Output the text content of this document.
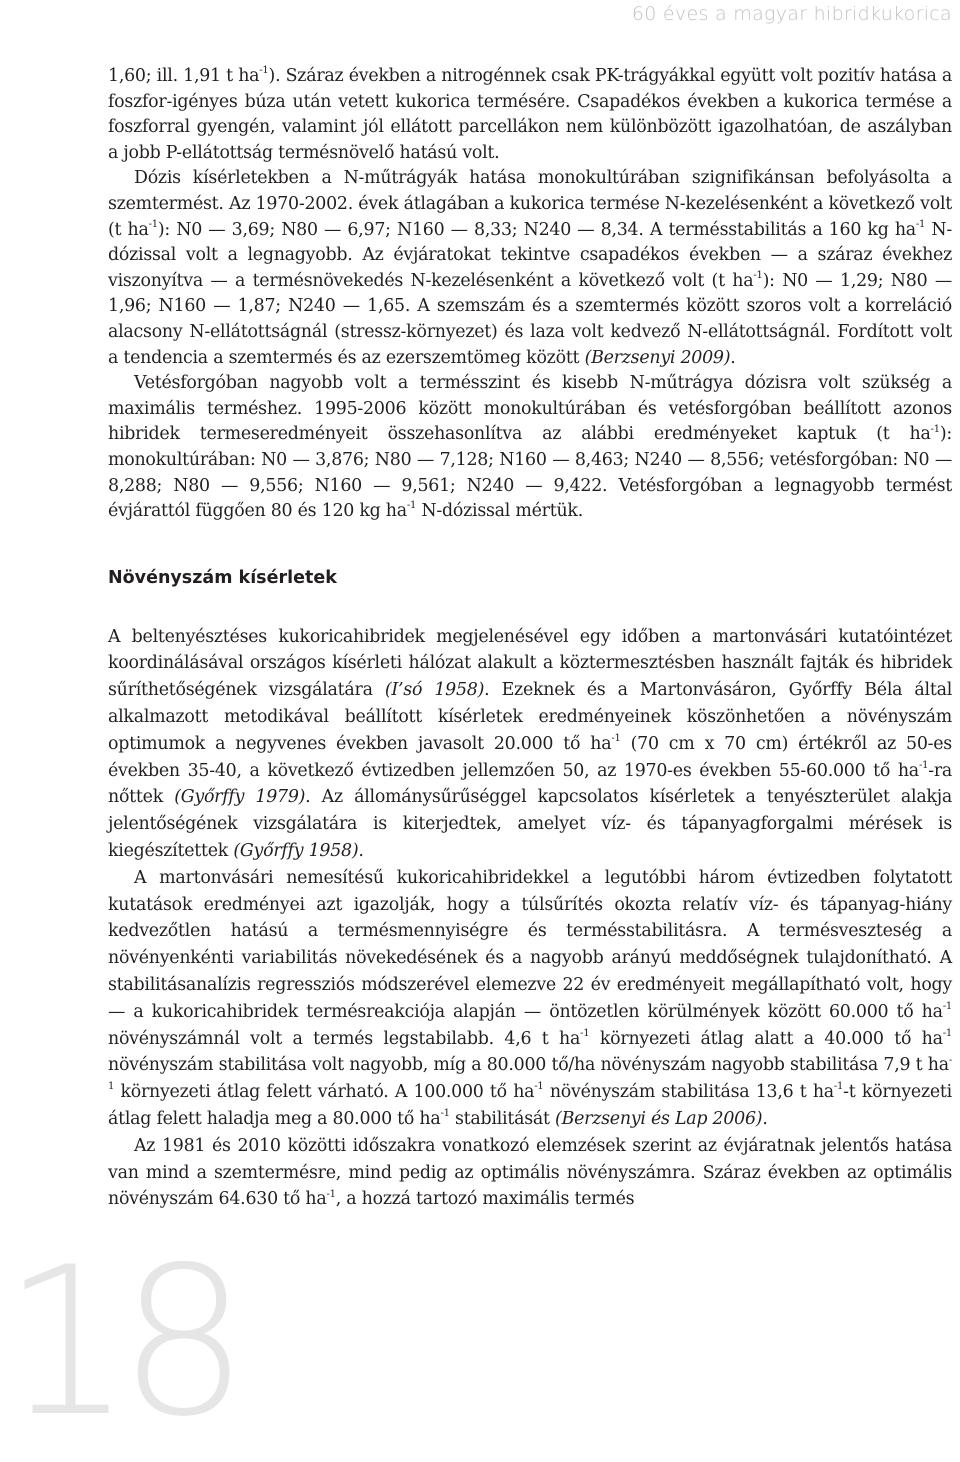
60 éves a magyar hibridkukorica
18

1,60; ill. 1,91 t $ha^{-1}$). Száraz években a nitrogénnek csak PK-trágyákkal együtt volt pozitív hatása a foszfor-igényes búza után vetett kukorica termésére. Csapadékos években a kukorica termése a foszforral gyengén, valamint jól ellátott parcellákon nem különbözött igazolhatóan, de aszályban a jobb P-ellátottság termésnövelő hatású volt.

Dózis kísérletekben a N-műtrágyák hatása monokultúrában szignifikánsan befolyásolta a szemtermést. Az 1970-2002. évek átlagában a kukorica termése N-kezelésenként a következő volt (t $ha^{-1}$): N0 — 3,69; N80 — 6,97; N160 — 8,33; N240 — 8,34. A termésstabilitás a 160 kg $ha^{-1}$ N-dózissal volt a legnagyobb. Az évjáratokat tekintve csapadékos években — a száraz évekhez viszonyítva — a termésnövekedés N-kezelésenként a következő volt (t $ha^{-1}$): N0 — 1,29; N80 — 1,96; N160 — 1,87; N240 — 1,65. A szemszám és a szemtermés között szoros volt a korreláció alacsony N-ellátottságnál (stressz-környezet) és laza volt kedvező N-ellátottságnál. Fordított volt a tendencia a szemtermés és az ezerszemtömeg között (Berzsenyi 2009).

Vetésforgóban nagyobb volt a termésszint és kisebb N-műtrágya dózisra volt szükség a maximális terméshez. 1995-2006 között monokultúrában és vetésforgóban beállított azonos hibridek termeseredményeit összehasonlítva az alábbi eredményeket kaptuk (t $ha^{-1}$): monokultúrában: N0 — 3,876; N80 — 7,128; N160 — 8,463; N240 — 8,556; vetésforgóban: N0 — 8,288; N80 — 9,556; N160 — 9,561; N240 — 9,422. Vetésforgóban a legnagyobb termést évjárattól függően 80 és 120 kg $ha^{-1}$ N-dózissal mértük.

Növényszám kísérletek

A beltenyésztéses kukoricahibridek megjelenésével egy időben a martonvásári kutatóintézet koordinálásával országos kísérleti hálózat alakult a köztermesztésben használt fajták és hibridek sűríthetőségének vizsgálatára (I’só 1958). Ezeknek és a Martonvásáron, Győrffy Béla által alkalmazott metodikával beállított kísérletek eredményeinek köszönhetően a növényszám optimumok a negyvenes években javasolt 20.000 tő $ha^{-1}$ (70 cm x 70 cm) értékről az 50-es években 35-40, a következő évtizedben jellemzően 50, az 1970-es években 55-60.000 tő $ha^{-1}-ra$ nőttek (Győrffy 1979). Az állománysűrűséggel kapcsolatos kísérletek a tenyészterület alakja jelentőségének vizsgálatára is kiterjedtek, amelyet víz- és tápanyagforgalmi mérések is kiegészítettek (Győrffy 1958).

A martonvásári nemesítésű kukoricahibridekkel a legutóbbi három évtizedben folytatott kutatások eredményei azt igazolják, hogy a túlsűrítés okozta relatív víz- és tápanyag-hiány kedvezőtlen hatású a termésmennyiségre és termésstabilitásra. A termésveszteség a növényenkénti variabilitás növekedésének és a nagyobb arányú meddőségnek tulajdonítható. A stabilitásanalízis regressziós módszerével elemezve 22 év eredményeit megállapítható volt, hogy — a kukoricahibridek termésreakciója alapján — öntözetlen körülmények között 60.000 tő $ha^{-1}$ növényszámnál volt a termés legstabilabb. 4,6 t $ha^{-1}$ környezeti átlag alatt a 40.000 tő $ha^{-1}$ növényszám stabilitása volt nagyobb, míg a 80.000 tő/ha növényszám nagyobb stabilitása 7,9 t $ha^{-1}$ környezeti átlag felett várható. A 100.000 tő $ha^{-1}$ növényszám stabilitása 13,6 t $ha^{-1}-t$ környezeti átlag felett haladja meg a 80.000 tő $ha^{-1}$ stabilitását (Berzsenyi és Lap 2006).

Az 1981 és 2010 közötti időszakra vonatkozó elemzések szerint az évjáratnak jelentős hatása van mind a szemtermésre, mind pedig az optimális növényszámra. Száraz években az optimális növényszám 64.630 tő $ha^{-1}$, a hozzá tartozó maximális termés
